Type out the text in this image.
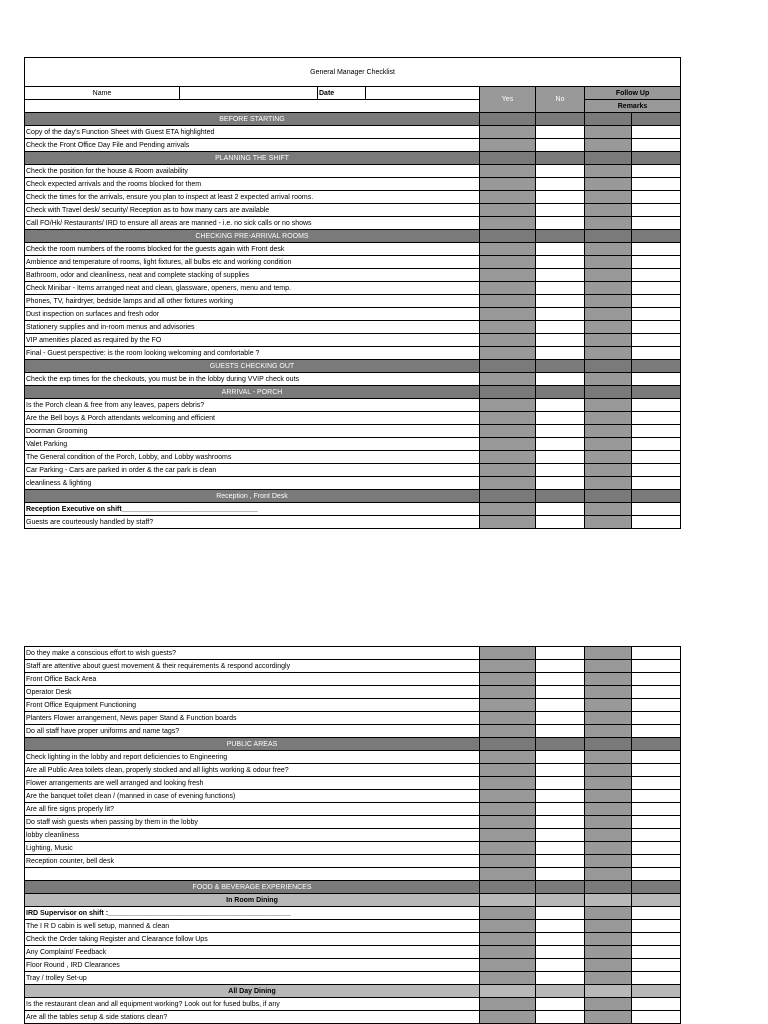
General Manager Checklist							
Name		Date		Yes	No	Follow Up	
						Remarks	
BEFORE STARTING							
Copy of the day's Function Sheet with Guest ETA highlighted							
Check the Front Office Day File and Pending arrivals							
PLANNING THE SHIFT							
Check the position for the house & Room availability							
Check expected arrivals and the rooms blocked for them							
Check the times for the arrivals, ensure you plan to inspect at least 2 expected arrival rooms.							
Check with Travel desk/ security/ Reception as to how many cars are available							
Call FO/Hk/ Restaurants/ IRD to ensure all areas are manned - i.e. no sick calls or no shows							
CHECKING PRE-ARRIVAL ROOMS							
Check the room numbers of the rooms blocked for the guests again with Front desk							
Ambience and temperature of rooms, light fixtures, all bulbs etc and working condition							
Bathroom, odor and cleanliness, neat and complete stacking of supplies							
Check Minibar - Items arranged neat and clean, glassware, openers, menu and temp.							
Phones, TV, hairdryer, bedside lamps and all other fixtures working							
Dust inspection on surfaces and fresh odor							
Stationery supplies and in-room menus and advisories							
VIP amenities placed as required by the FO							
Final - Guest perspective: is the room looking welcoming and comfortable ?							
GUESTS CHECKING OUT							
Check the exp times for the checkouts, you must be in the lobby during VVIP check outs							
ARRIVAL - PORCH							
Is the Porch clean & free from any leaves, papers debris?							
Are the Bell boys & Porch attendants welcoming and efficient							
Doorman Grooming							
Valet Parking							
The General condition of the Porch, Lobby, and Lobby washrooms							
Car Parking - Cars are parked in order & the car park is clean							
cleanliness & lighting							
Reception , Front Desk							
Reception Executive on shift___________________________________							
Guests are courteously handled by staff?							
Do they make a conscious effort to wish guests?				
Staff are attentive about guest movement & their requirements & respond accordingly				
Front Office Back Area				
Operator Desk				
Front Office Equipment Functioning				
Planters Flower arrangement, News paper Stand & Function boards				
Do all staff have proper uniforms and name tags?				
PUBLIC AREAS				
Check lighting in the lobby and report deficiencies to Engineering				
Are all Public Area toilets clean, properly stocked and all lights working & odour free?				
Flower arrangements are well arranged and looking fresh				
Are the banquet toilet clean / (manned in case of evening functions)				
Are all fire signs properly lit?				
Do staff wish guests when passing by them in the lobby				
lobby cleanliness				
Lighting, Music				
Reception counter, bell desk				

FOOD & BEVERAGE EXPERIENCES				
In Room Dining				
IRD Supervisor on shift :_______________________________________________				
The I R D cabin is well setup, manned & clean				
Check the Order taking Register and Clearance follow Ups				
Any Complaint/ Feedback				
Floor Round , IRD Clearances				
Tray / trolley Set-up				
All Day Dining				
Is the restaurant clean and all equipment working? Look out for fused bulbs, if any				
Are all the tables setup & side stations clean?				
